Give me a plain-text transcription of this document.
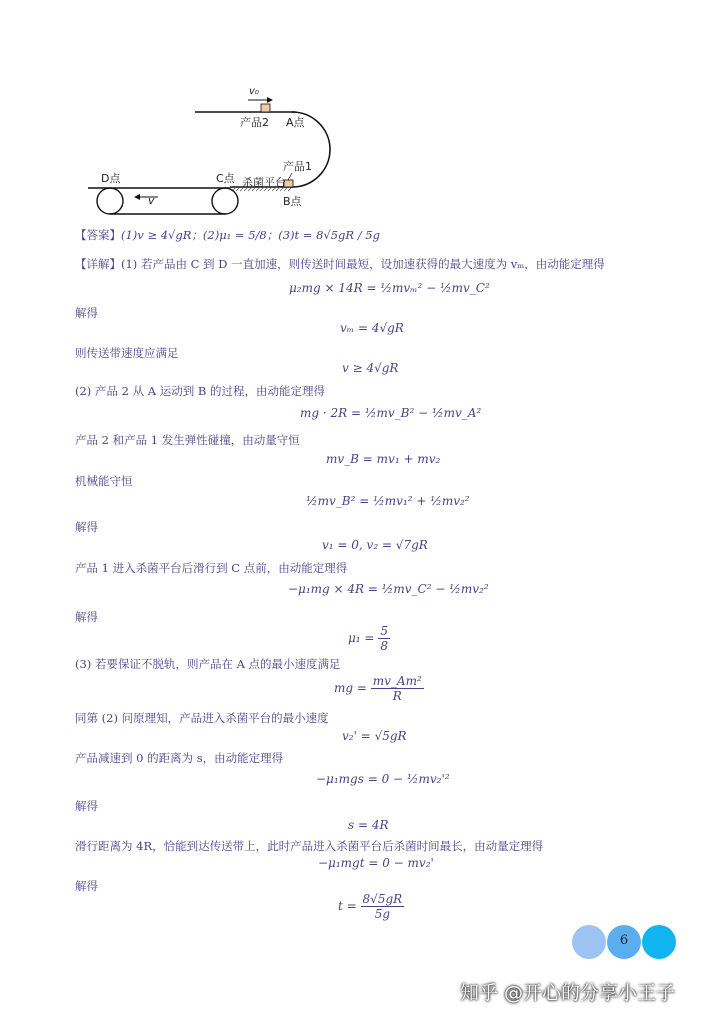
v₀
产品2 A点
产品1
杀菌平台
B点
D点	C点
v
【答案】(1)v ≥ 4√gR；(2)μ₁ = 5/8；(3)t = 8√5gR / 5g
【详解】(1) 若产品由 C 到 D 一直加速，则传送时间最短，设加速获得的最大速度为 vₘ，由动能定理得
μ₂mg × 14R = ½mvₘ² − ½mv_C²
解得
vₘ = 4√gR
则传送带速度应满足
v ≥ 4√gR
(2) 产品 2 从 A 运动到 B 的过程，由动能定理得
mg · 2R = ½mv_B² − ½mv_A²
产品 2 和产品 1 发生弹性碰撞，由动量守恒
mv_B = mv₁ + mv₂
机械能守恒
½mv_B² = ½mv₁² + ½mv₂²
解得
v₁ = 0, v₂ = √7gR
产品 1 进入杀菌平台后滑行到 C 点前，由动能定理得
−μ₁mg × 4R = ½mv_C² − ½mv₂²
解得
$\mu_1 = \frac{5}{8}$
(3) 若要保证不脱轨，则产品在 A 点的最小速度满足
mg = $\frac{\text{mv\_Am²}}{R}$
同第 (2) 问原理知，产品进入杀菌平台的最小速度
v₂' = √5gR
产品减速到 0 的距离为 s，由动能定理得
−μ₁mgs = 0 − ½mv₂'²
解得
s = 4R
滑行距离为 4R，恰能到达传送带上，此时产品进入杀菌平台后杀菌时间最长，由动量定理得
−μ₁mgt = 0 − mv₂'
解得
$t = \frac{8√5gR}{5g}$
6
知乎 @开心的分享小王子
